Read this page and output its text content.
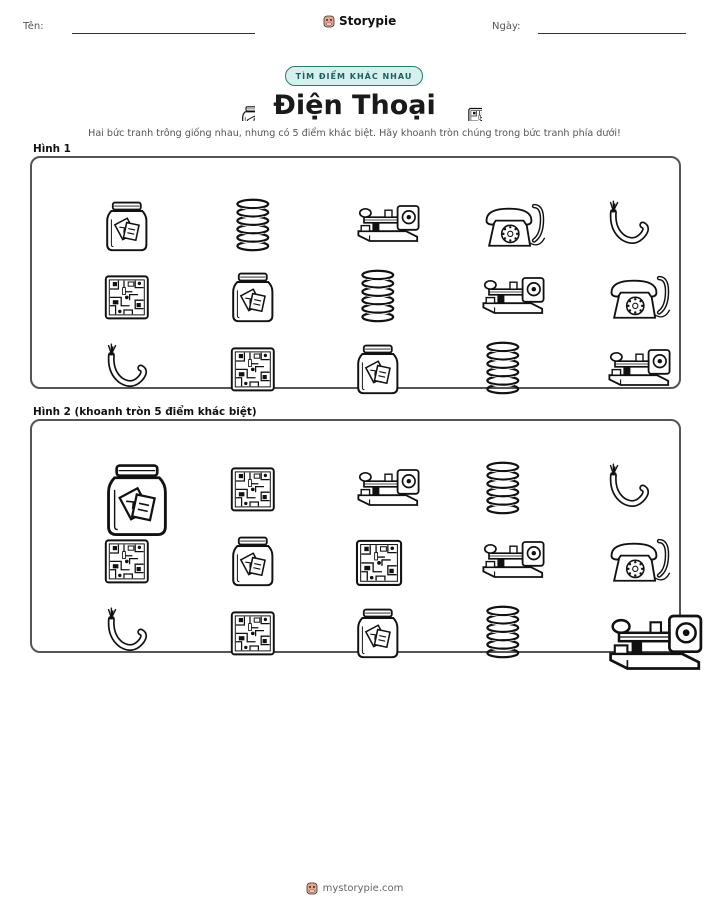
Tên:	Storypie	Ngày:
TÌM ĐIỂM KHÁC NHAU
Điện Thoại
Hai bức tranh trông giống nhau, nhưng có 5 điểm khác biệt. Hãy khoanh tròn chúng trong bức tranh phía dưới!
Hình 1
Hình 2 (khoanh tròn 5 điểm khác biệt)
mystorypie.com
